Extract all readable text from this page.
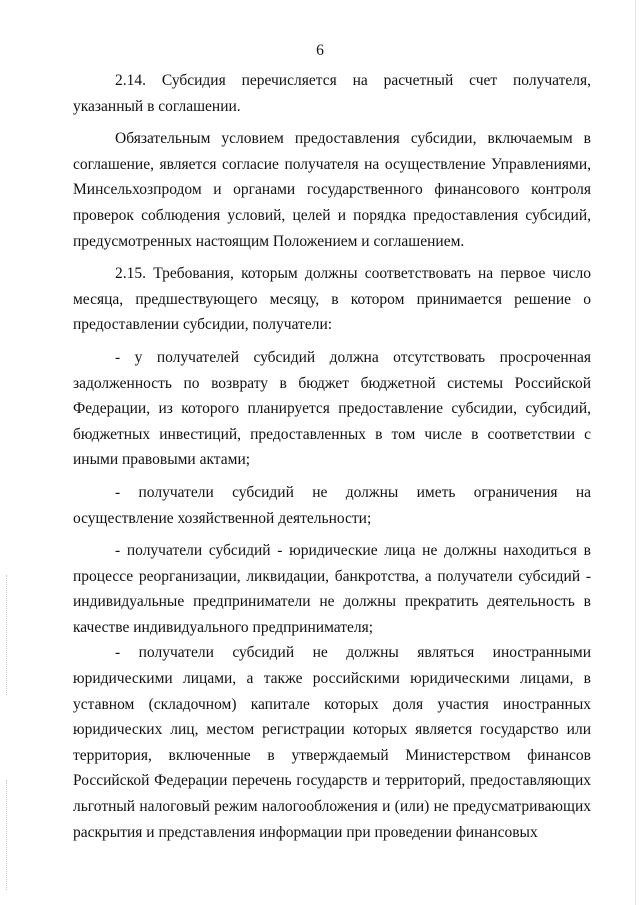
6

2.14. Субсидия перечисляется на расчетный счет получателя, указанный в соглашении.

Обязательным условием предоставления субсидии, включаемым в соглашение, является согласие получателя на осуществление Управлениями, Минсельхозпродом и органами государственного финансового контроля проверок соблюдения условий, целей и порядка предоставления субсидий, предусмотренных настоящим Положением и соглашением.

2.15. Требования, которым должны соответствовать на первое число месяца, предшествующего месяцу, в котором принимается решение о предоставлении субсидии, получатели:

- у получателей субсидий должна отсутствовать просроченная задолженность по возврату в бюджет бюджетной системы Российской Федерации, из которого планируется предоставление субсидии, субсидий, бюджетных инвестиций, предоставленных в том числе в соответствии с иными правовыми актами;

- получатели субсидий не должны иметь ограничения на осуществление хозяйственной деятельности;

- получатели субсидий - юридические лица не должны находиться в процессе реорганизации, ликвидации, банкротства, а получатели субсидий - индивидуальные предприниматели не должны прекратить деятельность в качестве индивидуального предпринимателя;

- получатели субсидий не должны являться иностранными юридическими лицами, а также российскими юридическими лицами, в уставном (складочном) капитале которых доля участия иностранных юридических лиц, местом регистрации которых является государство или территория, включенные в утверждаемый Министерством финансов Российской Федерации перечень государств и территорий, предоставляющих льготный налоговый режим налогообложения и (или) не предусматривающих раскрытия и представления информации при проведении финансовых
